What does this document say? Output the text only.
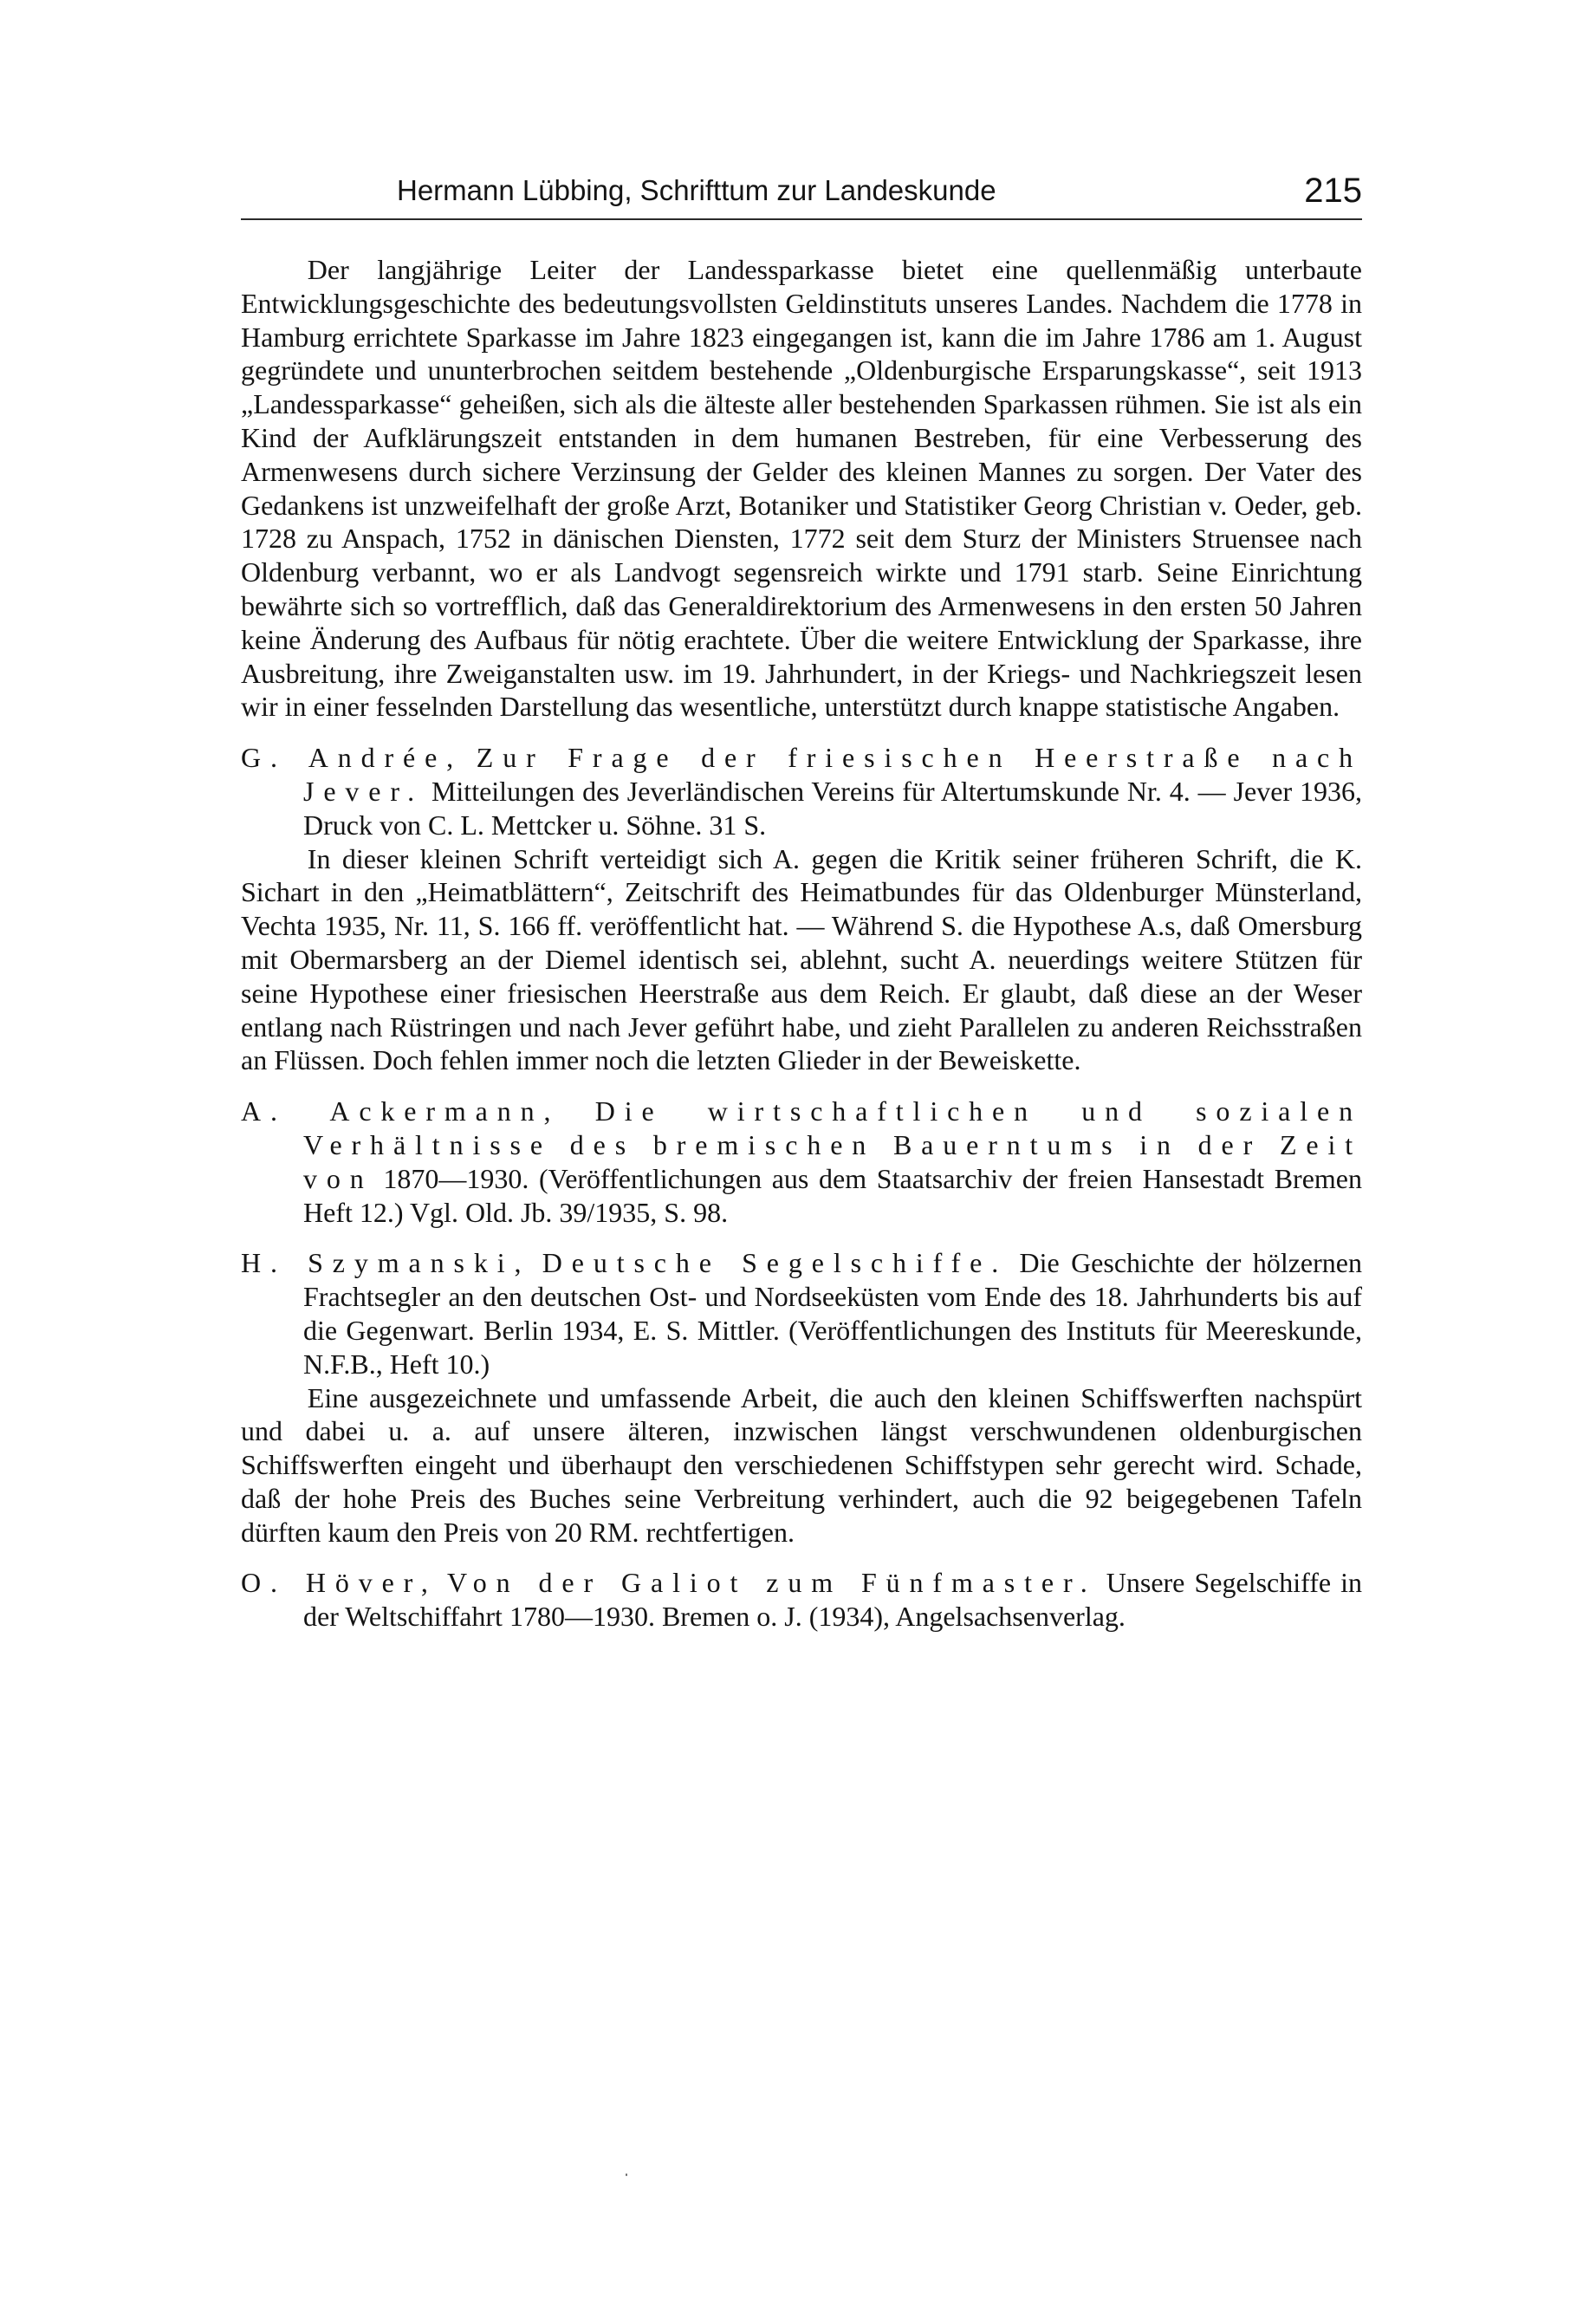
Hermann Lübbing, Schrifttum zur Landeskunde	215

Der langjährige Leiter der Landessparkasse bietet eine quellenmäßig unterbaute Entwicklungsgeschichte des bedeutungsvollsten Geldinstituts unseres Landes. Nachdem die 1778 in Hamburg errichtete Sparkasse im Jahre 1823 eingegangen ist, kann die im Jahre 1786 am 1. August gegründete und ununterbrochen seitdem bestehende „Oldenburgische Ersparungskasse“, seit 1913 „Landessparkasse“ geheißen, sich als die älteste aller bestehenden Sparkassen rühmen. Sie ist als ein Kind der Aufklärungszeit entstanden in dem humanen Bestreben, für eine Verbesserung des Armenwesens durch sichere Verzinsung der Gelder des kleinen Mannes zu sorgen. Der Vater des Gedankens ist unzweifelhaft der große Arzt, Botaniker und Statistiker Georg Christian v. Oeder, geb. 1728 zu Anspach, 1752 in dänischen Diensten, 1772 seit dem Sturz der Ministers Struensee nach Oldenburg verbannt, wo er als Landvogt segensreich wirkte und 1791 starb. Seine Einrichtung bewährte sich so vortrefflich, daß das Generaldirektorium des Armenwesens in den ersten 50 Jahren keine Änderung des Aufbaus für nötig erachtete. Über die weitere Entwicklung der Sparkasse, ihre Ausbreitung, ihre Zweiganstalten usw. im 19. Jahrhundert, in der Kriegs- und Nachkriegszeit lesen wir in einer fesselnden Darstellung das wesentliche, unterstützt durch knappe statistische Angaben.

G. Andrée, Zur Frage der friesischen Heerstraße nach Jever. Mitteilungen des Jeverländischen Vereins für Altertumskunde Nr. 4. — Jever 1936, Druck von C. L. Mettcker u. Söhne. 31 S.

In dieser kleinen Schrift verteidigt sich A. gegen die Kritik seiner früheren Schrift, die K. Sichart in den „Heimatblättern“, Zeitschrift des Heimatbundes für das Oldenburger Münsterland, Vechta 1935, Nr. 11, S. 166 ff. veröffentlicht hat. — Während S. die Hypothese A.s, daß Omersburg mit Obermarsberg an der Diemel identisch sei, ablehnt, sucht A. neuerdings weitere Stützen für seine Hypothese einer friesischen Heerstraße aus dem Reich. Er glaubt, daß diese an der Weser entlang nach Rüstringen und nach Jever geführt habe, und zieht Parallelen zu anderen Reichsstraßen an Flüssen. Doch fehlen immer noch die letzten Glieder in der Beweiskette.

A. Ackermann, Die wirtschaftlichen und sozialen Verhältnisse des bremischen Bauerntums in der Zeit von 1870—1930. (Veröffentlichungen aus dem Staatsarchiv der freien Hansestadt Bremen Heft 12.) Vgl. Old. Jb. 39/1935, S. 98.

H. Szymanski, Deutsche Segelschiffe. Die Geschichte der hölzernen Frachtsegler an den deutschen Ost- und Nordseeküsten vom Ende des 18. Jahrhunderts bis auf die Gegenwart. Berlin 1934, E. S. Mittler. (Veröffentlichungen des Instituts für Meereskunde, N.F.B., Heft 10.)

Eine ausgezeichnete und umfassende Arbeit, die auch den kleinen Schiffswerften nachspürt und dabei u. a. auf unsere älteren, inzwischen längst verschwundenen oldenburgischen Schiffswerften eingeht und überhaupt den verschiedenen Schiffstypen sehr gerecht wird. Schade, daß der hohe Preis des Buches seine Verbreitung verhindert, auch die 92 beigegebenen Tafeln dürften kaum den Preis von 20 RM. rechtfertigen.

O. Höver, Von der Galiot zum Fünfmaster. Unsere Segelschiffe in der Weltschiffahrt 1780—1930. Bremen o. J. (1934), Angelsachsenverlag.
